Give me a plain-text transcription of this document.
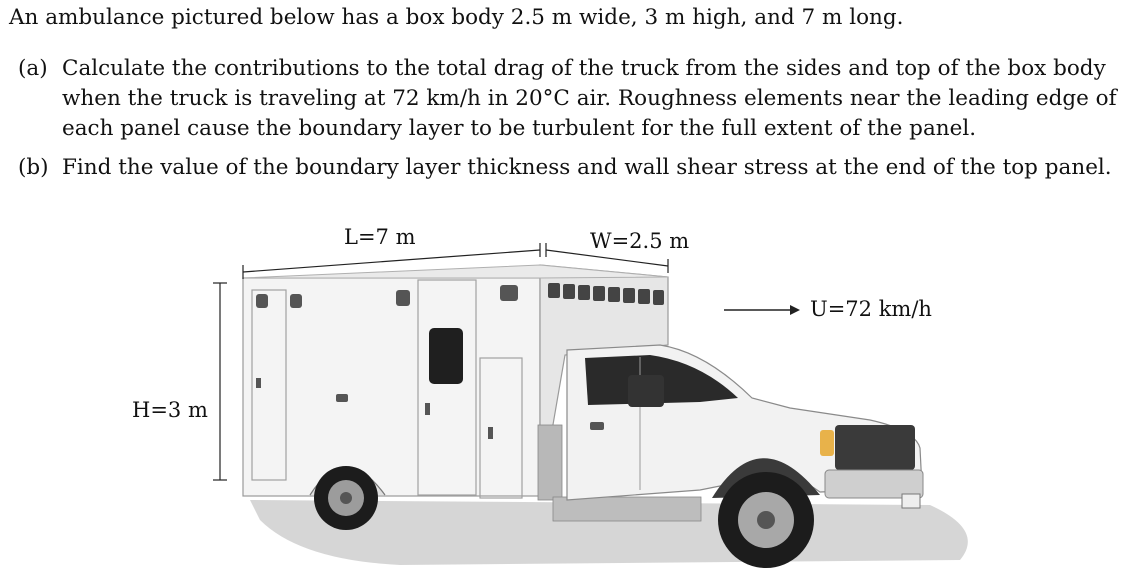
An ambulance pictured below has a box body 2.5 m wide, 3 m high, and 7 m long.
(a) Calculate the contributions to the total drag of the truck from the sides and top of the box body
when the truck is traveling at 72 km/h in 20°C air. Roughness elements near the leading edge of
each panel cause the boundary layer to be turbulent for the full extent of the panel.
(b) Find the value of the boundary layer thickness and wall shear stress at the end of the top panel.
L=7 m	W=2.5 m
H=3 m
U=72 km/h
